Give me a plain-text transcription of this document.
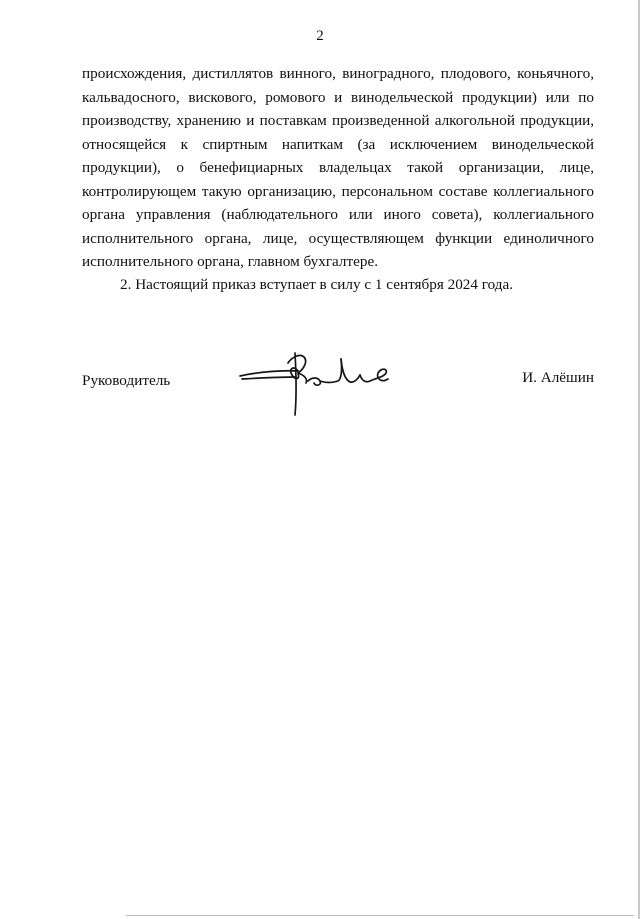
2
происхождения, дистиллятов винного, виноградного, плодового, коньячного,
кальвадосного, вискового, ромового и винодельческой продукции) или по
производству, хранению и поставкам произведенной алкогольной продукции,
относящейся к спиртным напиткам (за исключением винодельческой
продукции), о бенефициарных владельцах такой организации, лице,
контролирующем такую организацию, персональном составе коллегиального
органа управления (наблюдательного или иного совета), коллегиального
исполнительного органа, лице, осуществляющем функции единоличного
исполнительного органа, главном бухгалтере.
2. Настоящий приказ вступает в силу с 1 сентября 2024 года.
Руководитель	И. Алёшин
